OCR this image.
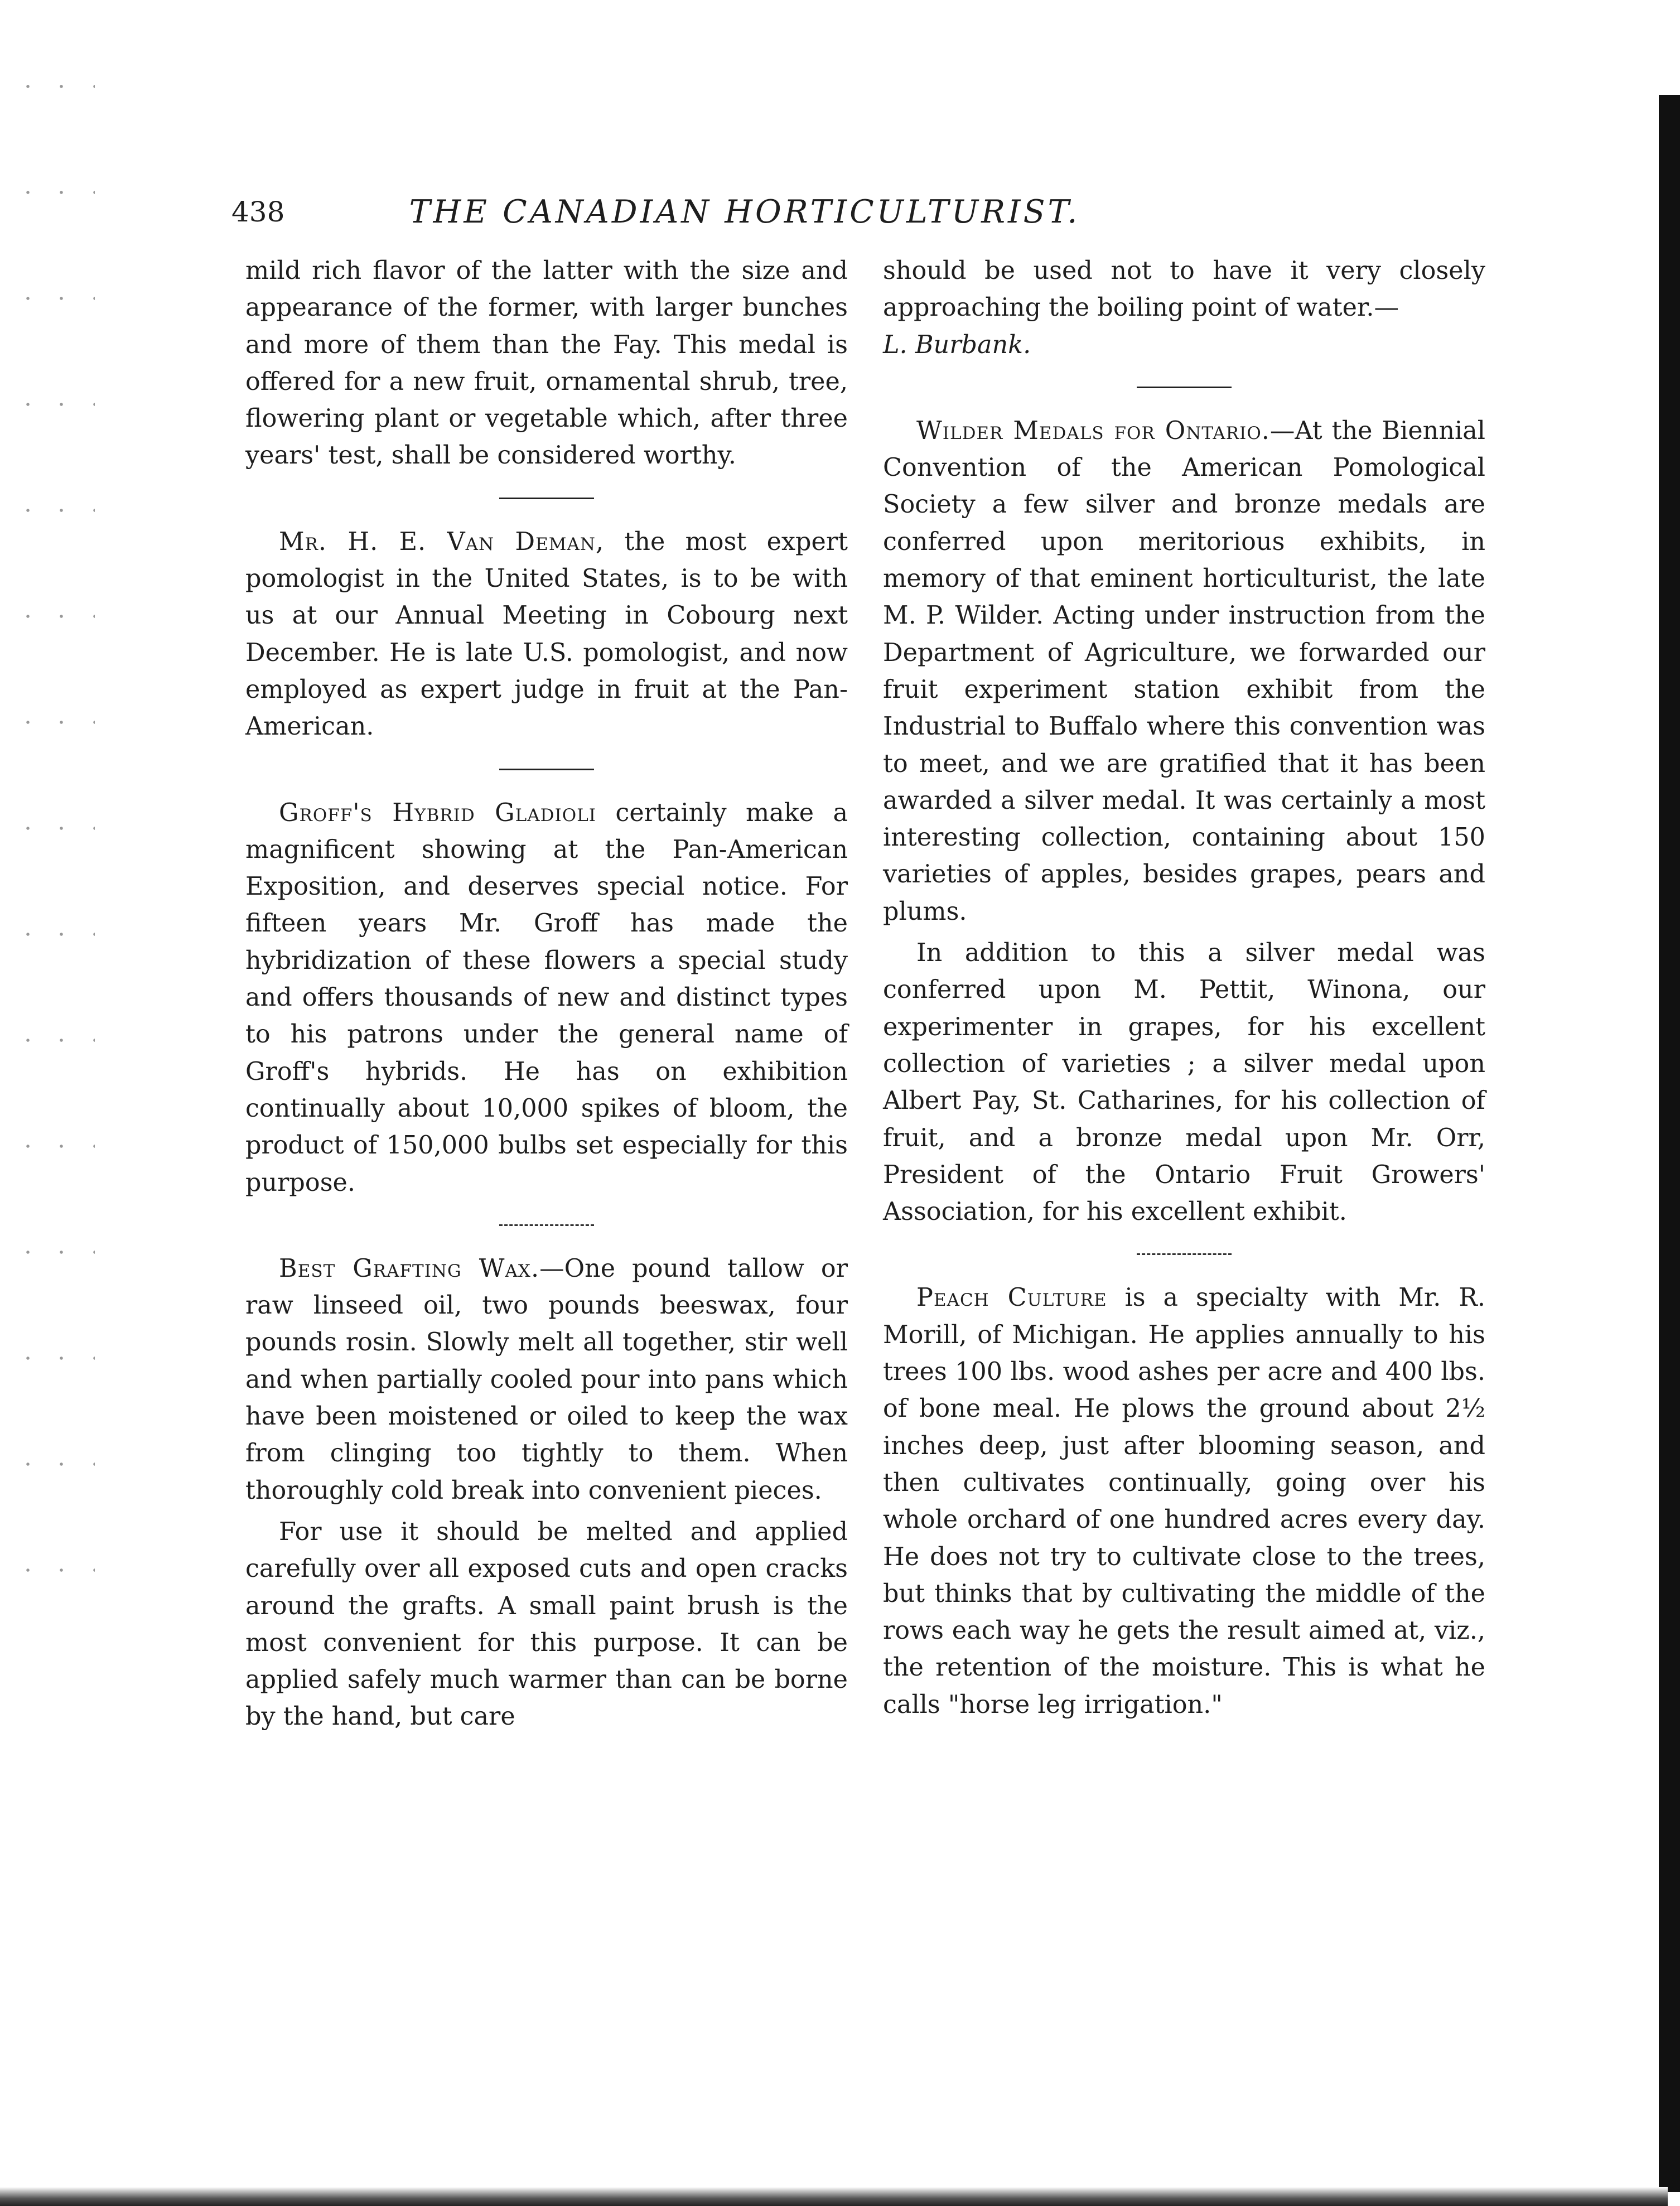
438	THE CANADIAN HORTICULTURIST.

mild rich flavor of the latter with the size and appearance of the former, with larger bunches and more of them than the Fay. This medal is offered for a new fruit, ornamental shrub, tree, flowering plant or vegetable which, after three years' test, shall be considered worthy.

Mr. H. E. Van Deman, the most expert pomologist in the United States, is to be with us at our Annual Meeting in Cobourg next December. He is late U.S. pomologist, and now employed as expert judge in fruit at the Pan-American.

Groff's Hybrid Gladioli certainly make a magnificent showing at the Pan-American Exposition, and deserves special notice. For fifteen years Mr. Groff has made the hybridization of these flowers a special study and offers thousands of new and distinct types to his patrons under the general name of Groff's hybrids. He has on exhibition continually about 10,000 spikes of bloom, the product of 150,000 bulbs set especially for this purpose.

Best Grafting Wax.—One pound tallow or raw linseed oil, two pounds beeswax, four pounds rosin. Slowly melt all together, stir well and when partially cooled pour into pans which have been moistened or oiled to keep the wax from clinging too tightly to them. When thoroughly cold break into convenient pieces.

For use it should be melted and applied carefully over all exposed cuts and open cracks around the grafts. A small paint brush is the most convenient for this purpose. It can be applied safely much warmer than can be borne by the hand, but care

should be used not to have it very closely approaching the boiling point of water.—
L. Burbank.

Wilder Medals for Ontario.—At the Biennial Convention of the American Pomological Society a few silver and bronze medals are conferred upon meritorious exhibits, in memory of that eminent horticulturist, the late M. P. Wilder. Acting under instruction from the Department of Agriculture, we forwarded our fruit experiment station exhibit from the Industrial to Buffalo where this convention was to meet, and we are gratified that it has been awarded a silver medal. It was certainly a most interesting collection, containing about 150 varieties of apples, besides grapes, pears and plums.

In addition to this a silver medal was conferred upon M. Pettit, Winona, our experimenter in grapes, for his excellent collection of varieties ; a silver medal upon Albert Pay, St. Catharines, for his collection of fruit, and a bronze medal upon Mr. Orr, President of the Ontario Fruit Growers' Association, for his excellent exhibit.

Peach Culture is a specialty with Mr. R. Morill, of Michigan. He applies annually to his trees 100 lbs. wood ashes per acre and 400 lbs. of bone meal. He plows the ground about 2½ inches deep, just after blooming season, and then cultivates continually, going over his whole orchard of one hundred acres every day. He does not try to cultivate close to the trees, but thinks that by cultivating the middle of the rows each way he gets the result aimed at, viz., the retention of the moisture. This is what he calls "horse leg irrigation."
